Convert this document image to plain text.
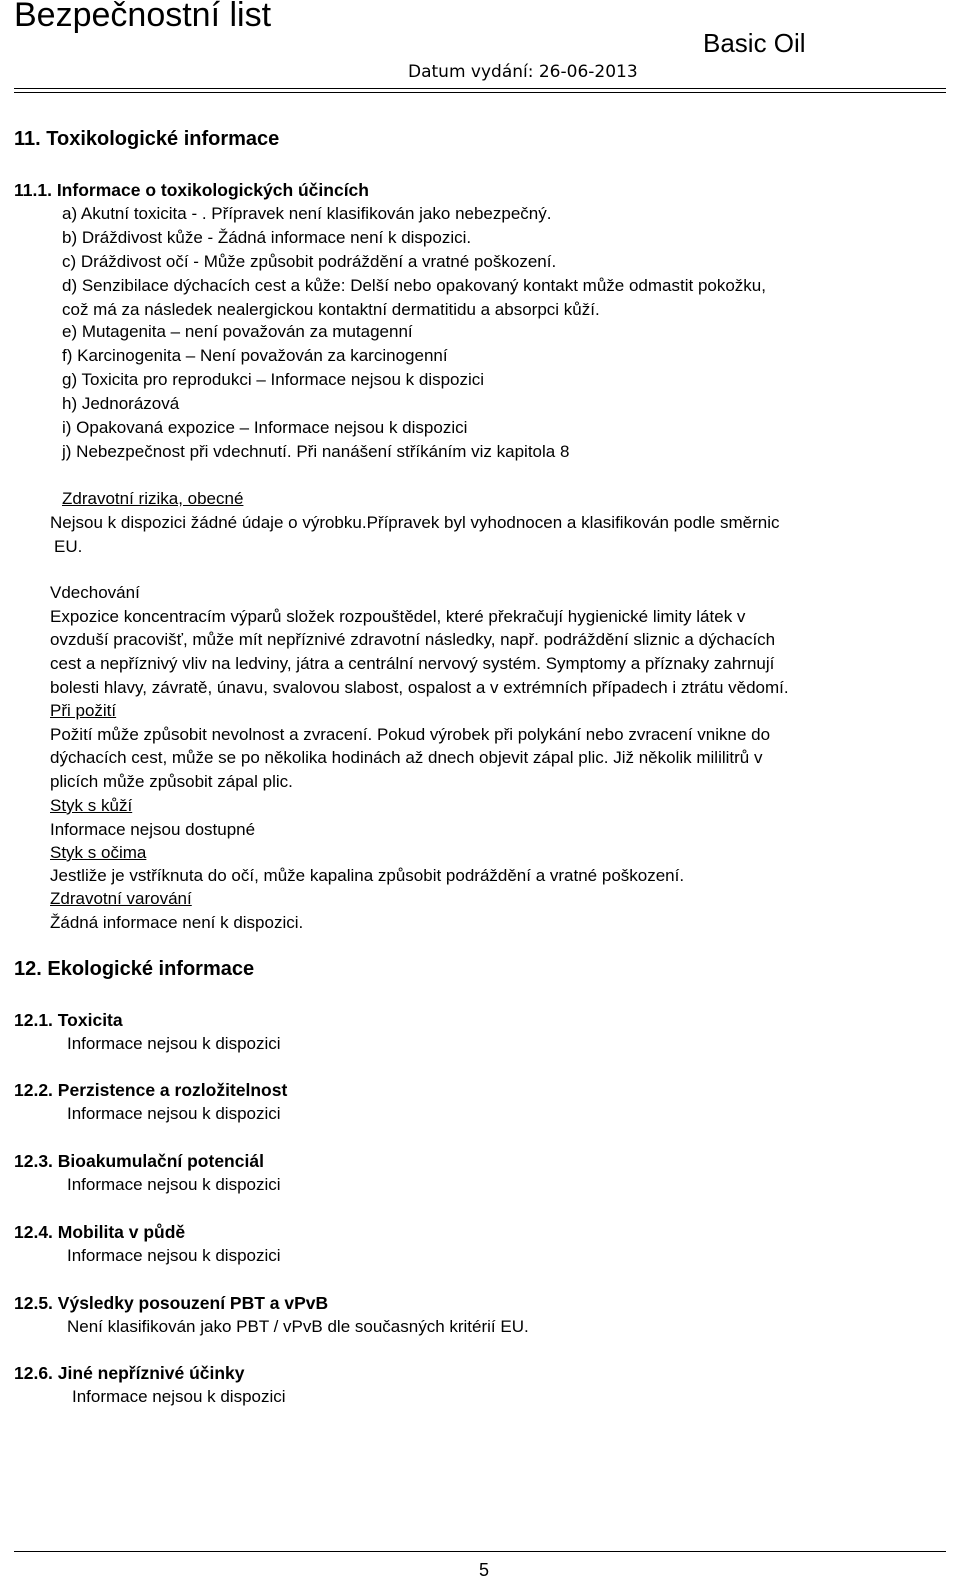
Bezpečnostní list
Basic Oil
Datum vydání: 26-06-2013
11. Toxikologické informace
11.1. Informace o toxikologických účincích
a) Akutní toxicita - . Přípravek není klasifikován jako nebezpečný.
b) Dráždivost kůže - Žádná informace není k dispozici.
c) Dráždivost očí - Může způsobit podráždění a vratné poškození.
d) Senzibilace dýchacích cest a kůže: Delší nebo opakovaný kontakt může odmastit pokožku,
což má za následek nealergickou kontaktní dermatitidu a absorpci kůží.
e) Mutagenita – není považován za mutagenní
f) Karcinogenita – Není považován za karcinogenní
g) Toxicita pro reprodukci – Informace nejsou k dispozici
h) Jednorázová
i) Opakovaná expozice – Informace nejsou k dispozici
j) Nebezpečnost při vdechnutí. Při nanášení stříkáním viz kapitola 8
Zdravotní rizika, obecné
Nejsou k dispozici žádné údaje o výrobku.Přípravek byl vyhodnocen a klasifikován podle směrnic
EU.
Vdechování
Expozice koncentracím výparů složek rozpouštědel, které překračují hygienické limity látek v
ovzduší pracovišť, může mít nepříznivé zdravotní následky, např. podráždění sliznic a dýchacích
cest a nepříznivý vliv na ledviny, játra a centrální nervový systém. Symptomy a příznaky zahrnují
bolesti hlavy, závratě, únavu, svalovou slabost, ospalost a v extrémních případech i ztrátu vědomí.
Při požití
Požití může způsobit nevolnost a zvracení. Pokud výrobek při polykání nebo zvracení vnikne do
dýchacích cest, může se po několika hodinách až dnech objevit zápal plic. Již několik mililitrů v
plicích může způsobit zápal plic.
Styk s kůží
Informace nejsou dostupné
Styk s očima
Jestliže je vstříknuta do očí, může kapalina způsobit podráždění a vratné poškození.
Zdravotní varování
Žádná informace není k dispozici.
12. Ekologické informace
12.1. Toxicita
Informace nejsou k dispozici
12.2. Perzistence a rozložitelnost
Informace nejsou k dispozici
12.3. Bioakumulační potenciál
Informace nejsou k dispozici
12.4. Mobilita v půdě
Informace nejsou k dispozici
12.5. Výsledky posouzení PBT a vPvB
Není klasifikován jako PBT / vPvB dle současných kritérií EU.
12.6. Jiné nepříznivé účinky
Informace nejsou k dispozici
5
